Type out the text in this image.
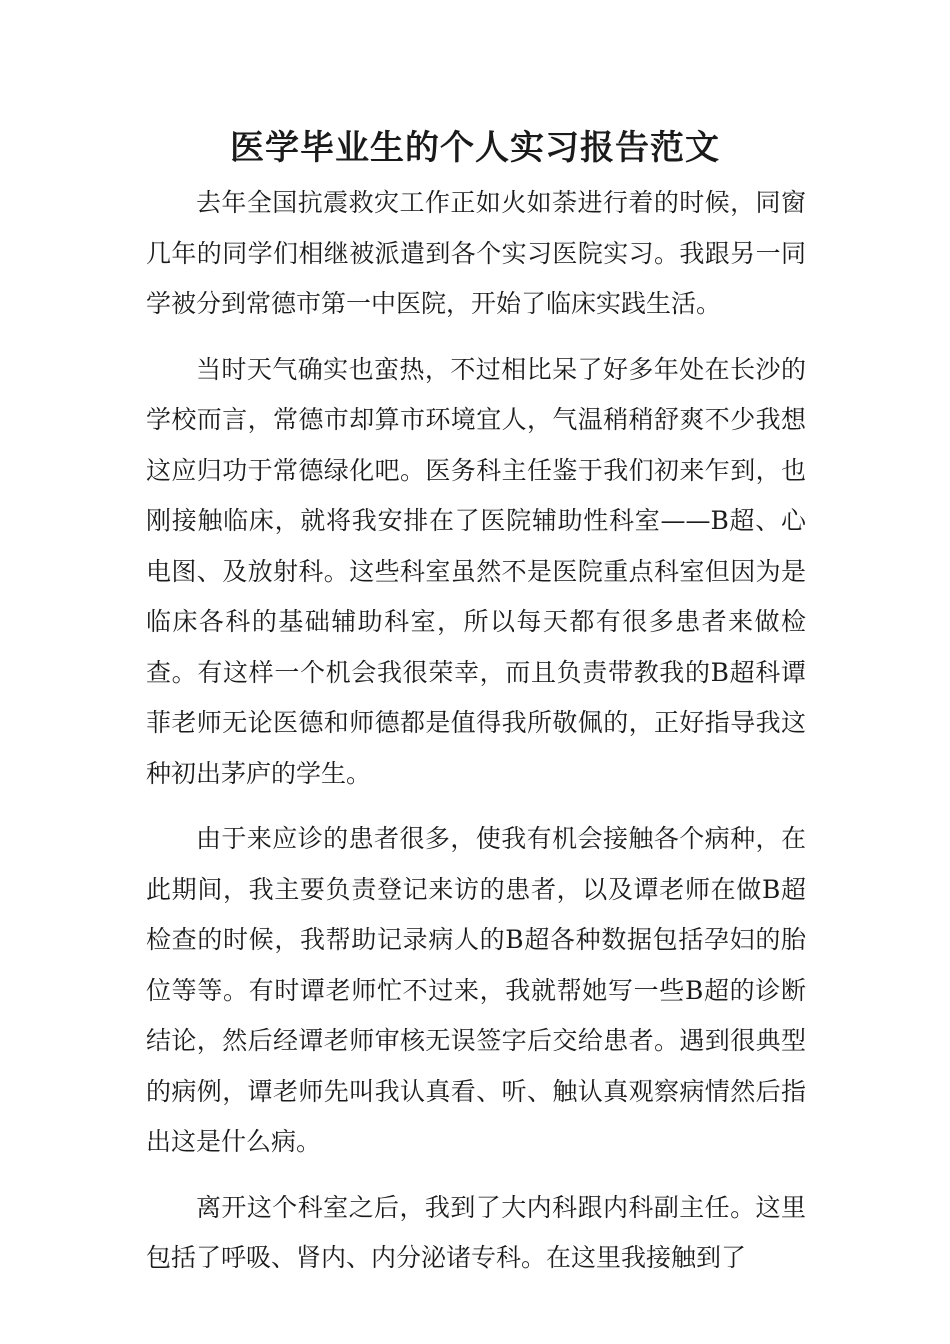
医学毕业生的个人实习报告范文

去年全国抗震救灾工作正如火如荼进行着的时候，同窗几年的同学们相继被派遣到各个实习医院实习。我跟另一同学被分到常德市第一中医院，开始了临床实践生活。

当时天气确实也蛮热，不过相比呆了好多年处在长沙的学校而言，常德市却算市环境宜人，气温稍稍舒爽不少我想这应归功于常德绿化吧。医务科主任鉴于我们初来乍到，也刚接触临床，就将我安排在了医院辅助性科室——B超、心电图、及放射科。这些科室虽然不是医院重点科室但因为是临床各科的基础辅助科室，所以每天都有很多患者来做检查。有这样一个机会我很荣幸，而且负责带教我的B超科谭菲老师无论医德和师德都是值得我所敬佩的，正好指导我这种初出茅庐的学生。

由于来应诊的患者很多，使我有机会接触各个病种，在此期间，我主要负责登记来访的患者，以及谭老师在做B超检查的时候，我帮助记录病人的B超各种数据包括孕妇的胎位等等。有时谭老师忙不过来，我就帮她写一些B超的诊断结论，然后经谭老师审核无误签字后交给患者。遇到很典型的病例，谭老师先叫我认真看、听、触认真观察病情然后指出这是什么病。

离开这个科室之后，我到了大内科跟内科副主任。这里包括了呼吸、肾内、内分泌诸专科。在这里我接触到了
